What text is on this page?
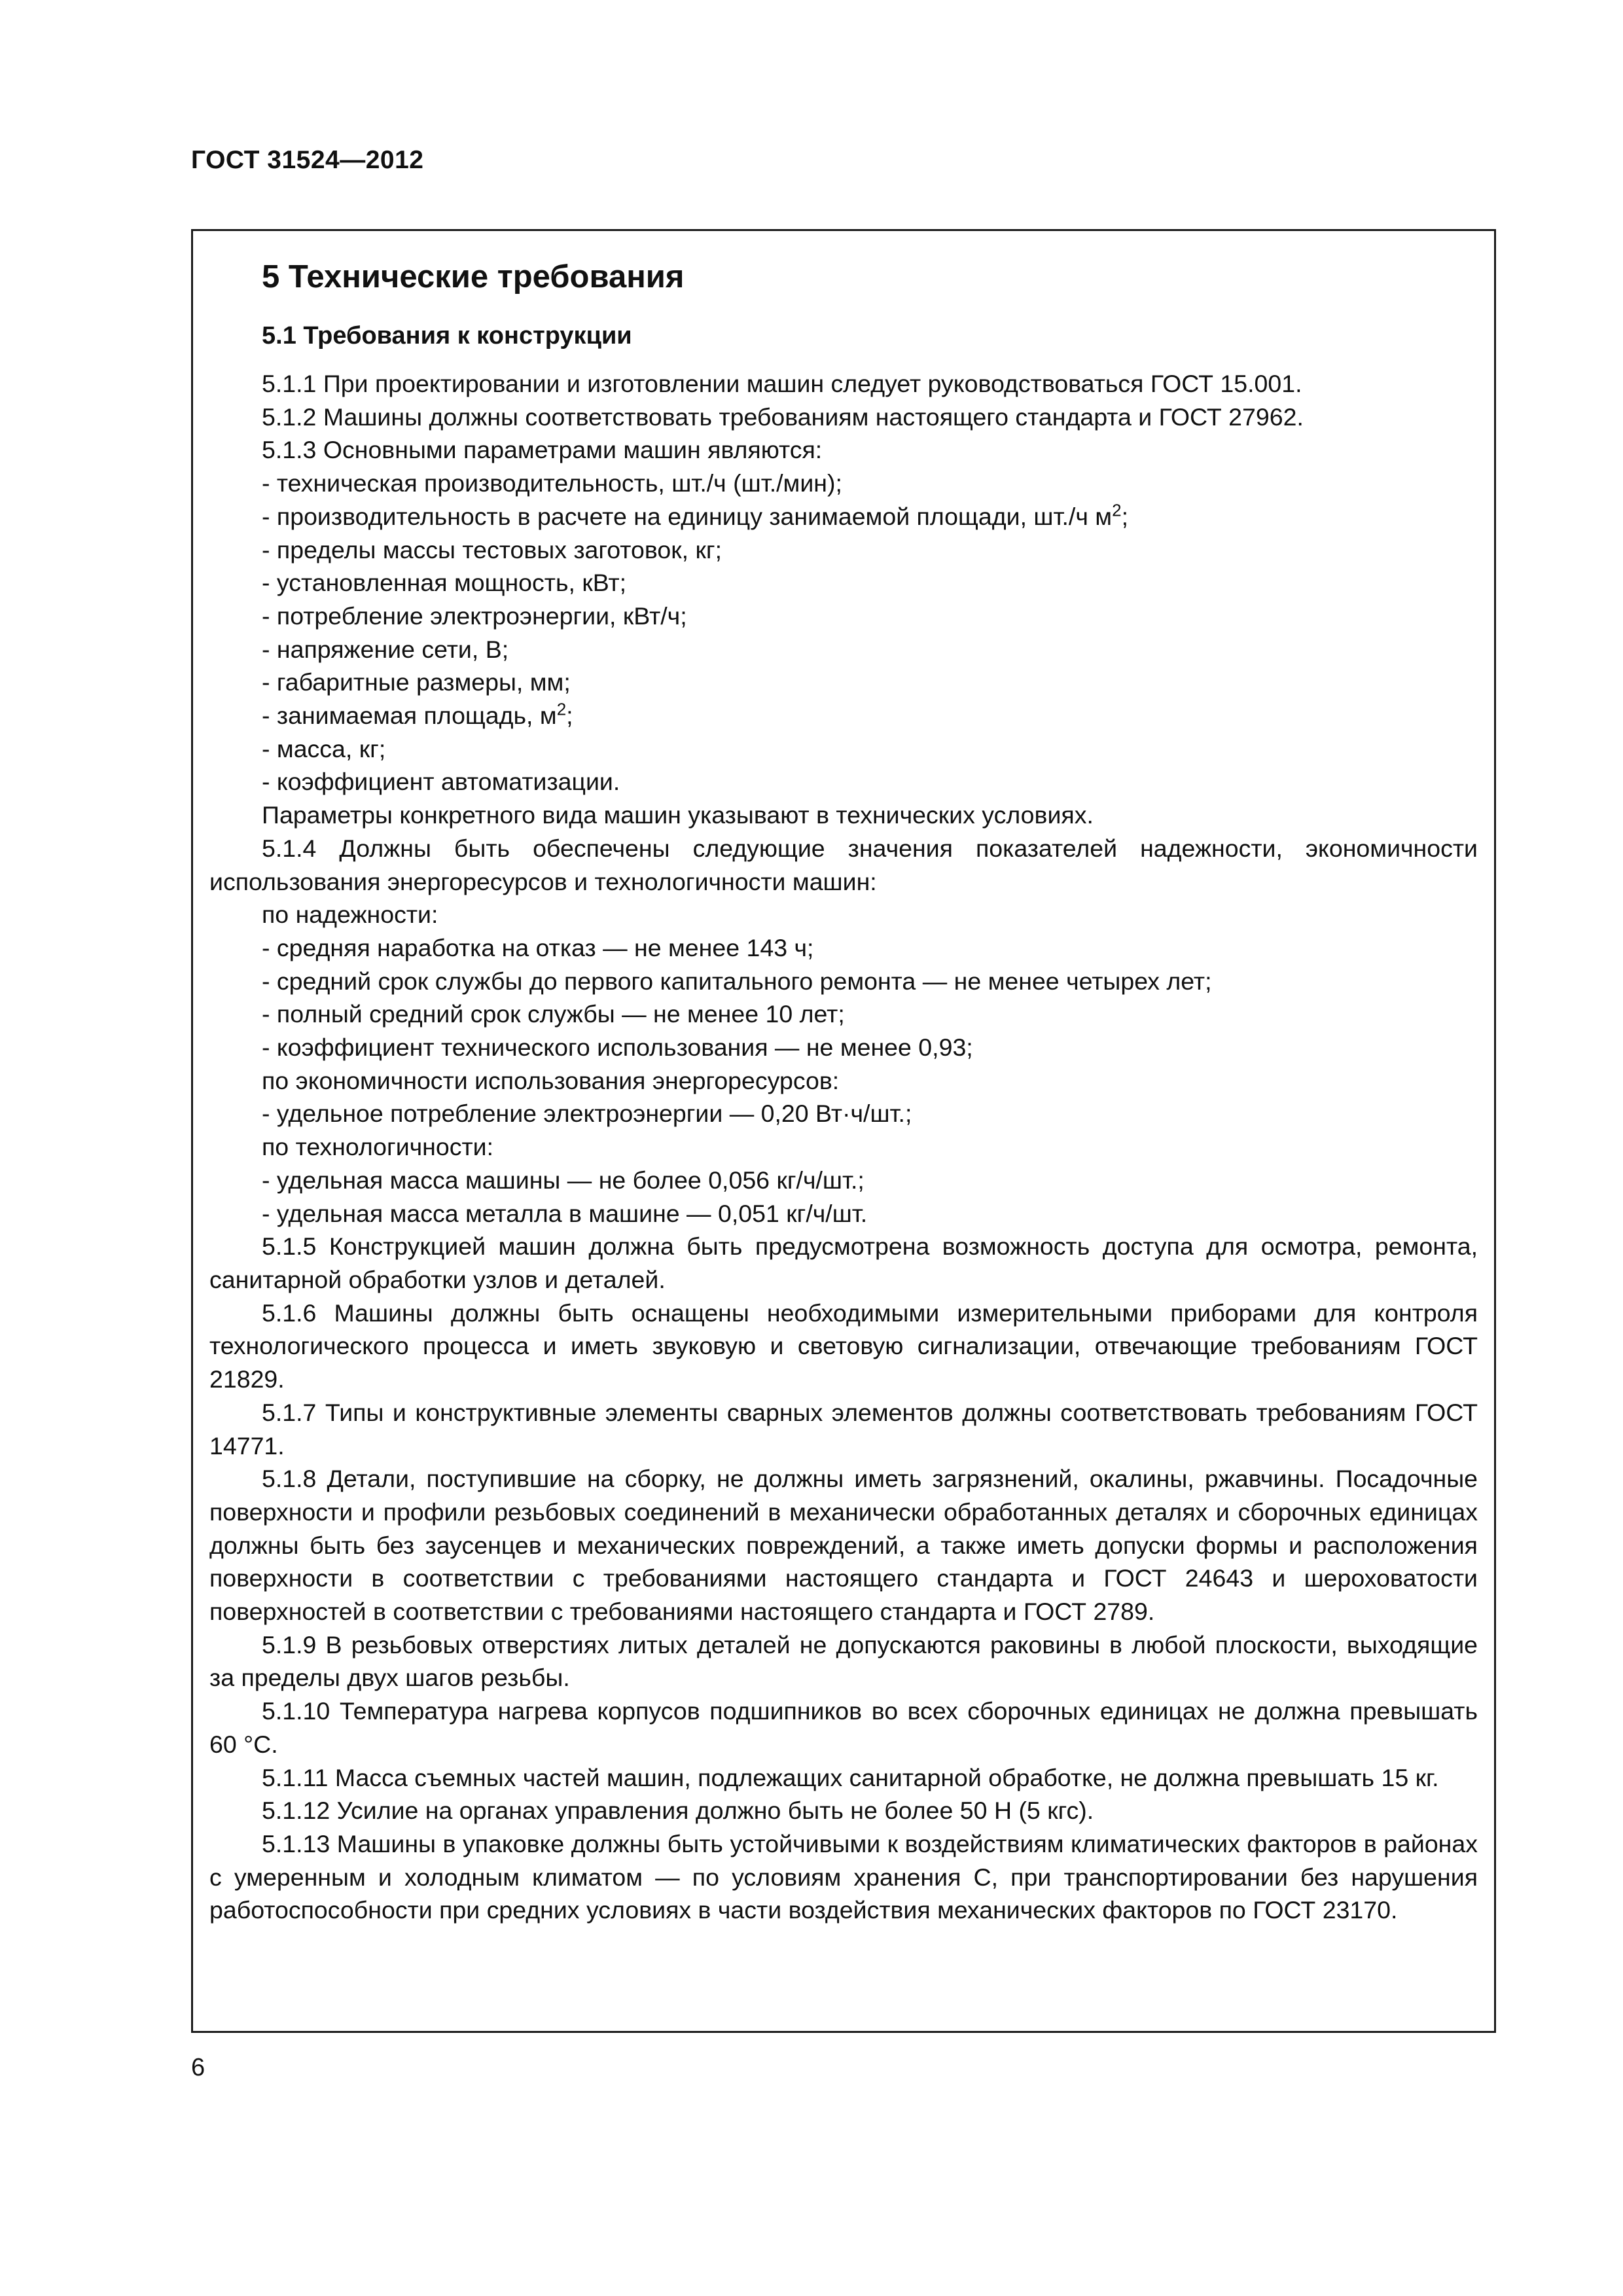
ГОСТ 31524—2012
5 Технические требования
5.1 Требования к конструкции

5.1.1 При проектировании и изготовлении машин следует руководствоваться ГОСТ 15.001.

5.1.2 Машины должны соответствовать требованиям настоящего стандарта и ГОСТ 27962.

5.1.3 Основными параметрами машин являются:

- техническая производительность, шт./ч (шт./мин);

- производительность в расчете на единицу занимаемой площади, шт./ч $м^2$;

- пределы массы тестовых заготовок, кг;

- установленная мощность, кВт;

- потребление электроэнергии, кВт/ч;

- напряжение сети, В;

- габаритные размеры, мм;

- занимаемая площадь, $м^2$;

- масса, кг;

- коэффициент автоматизации.

Параметры конкретного вида машин указывают в технических условиях.

5.1.4 Должны быть обеспечены следующие значения показателей надежности, экономичности использования энергоресурсов и технологичности машин:

по надежности:

- средняя наработка на отказ — не менее 143 ч;

- средний срок службы до первого капитального ремонта — не менее четырех лет;

- полный средний срок службы — не менее 10 лет;

- коэффициент технического использования — не менее 0,93;

по экономичности использования энергоресурсов:

- удельное потребление электроэнергии — 0,20 Вт·ч/шт.;

по технологичности:

- удельная масса машины — не более 0,056 кг/ч/шт.;

- удельная масса металла в машине — 0,051 кг/ч/шт.

5.1.5 Конструкцией машин должна быть предусмотрена возможность доступа для осмотра, ремонта, санитарной обработки узлов и деталей.

5.1.6 Машины должны быть оснащены необходимыми измерительными приборами для контроля технологического процесса и иметь звуковую и световую сигнализации, отвечающие требованиям ГОСТ 21829.

5.1.7 Типы и конструктивные элементы сварных элементов должны соответствовать требованиям ГОСТ 14771.

5.1.8 Детали, поступившие на сборку, не должны иметь загрязнений, окалины, ржавчины. Посадочные поверхности и профили резьбовых соединений в механически обработанных деталях и сборочных единицах должны быть без заусенцев и механических повреждений, а также иметь допуски формы и расположения поверхности в соответствии с требованиями настоящего стандарта и ГОСТ 24643 и шероховатости поверхностей в соответствии с требованиями настоящего стандарта и ГОСТ 2789.

5.1.9 В резьбовых отверстиях литых деталей не допускаются раковины в любой плоскости, выходящие за пределы двух шагов резьбы.

5.1.10 Температура нагрева корпусов подшипников во всех сборочных единицах не должна превышать 60 °С.

5.1.11 Масса съемных частей машин, подлежащих санитарной обработке, не должна превышать 15 кг.

5.1.12 Усилие на органах управления должно быть не более 50 Н (5 кгс).

5.1.13 Машины в упаковке должны быть устойчивыми к воздействиям климатических факторов в районах с умеренным и холодным климатом — по условиям хранения С, при транспортировании без нарушения работоспособности при средних условиях в части воздействия механических факторов по ГОСТ 23170.

6
